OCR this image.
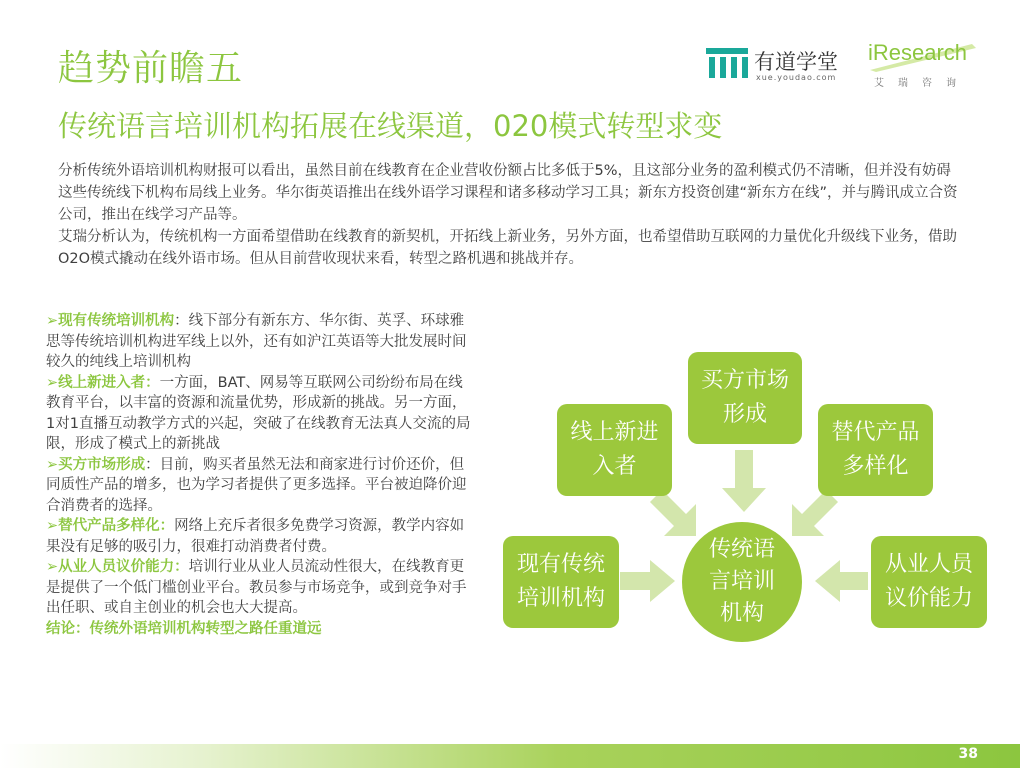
趋势前瞻五	有道学堂
xue.youdao.com
iResearch
艾瑞咨询
传统语言培训机构拓展在线渠道，020模式转型求变

分析传统外语培训机构财报可以看出，虽然目前在线教育在企业营收份额占比多低于5%，且这部分业务的盈利模式仍不清晰，但并没有妨碍这些传统线下机构布局线上业务。华尔街英语推出在线外语学习课程和诸多移动学习工具；新东方投资创建“新东方在线”，并与腾讯成立合资公司，推出在线学习产品等。

艾瑞分析认为，传统机构一方面希望借助在线教育的新契机，开拓线上新业务，另外方面，也希望借助互联网的力量优化升级线下业务，借助O2O模式撬动在线外语市场。但从目前营收现状来看，转型之路机遇和挑战并存。

➢现有传统培训机构：线下部分有新东方、华尔街、英孚、环球雅思等传统培训机构进军线上以外，还有如沪江英语等大批发展时间较久的纯线上培训机构

➢线上新进入者：一方面，BAT、网易等互联网公司纷纷布局在线教育平台，以丰富的资源和流量优势，形成新的挑战。另一方面，1对1直播互动教学方式的兴起，突破了在线教育无法真人交流的局限，形成了模式上的新挑战

➢买方市场形成：目前，购买者虽然无法和商家进行讨价还价，但同质性产品的增多，也为学习者提供了更多选择。平台被迫降价迎合消费者的选择。

➢替代产品多样化：网络上充斥者很多免费学习资源，教学内容如果没有足够的吸引力，很难打动消费者付费。

➢从业人员议价能力：培训行业从业人员流动性很大，在线教育更是提供了一个低门槛创业平台。教员参与市场竞争，或到竞争对手出任职、或自主创业的机会也大大提高。

结论：传统外语培训机构转型之路任重道远

买方市场
形成
线上新进
入者
替代产品
多样化
现有传统
培训机构
从业人员
议价能力
传统语
言培训
机构
38
